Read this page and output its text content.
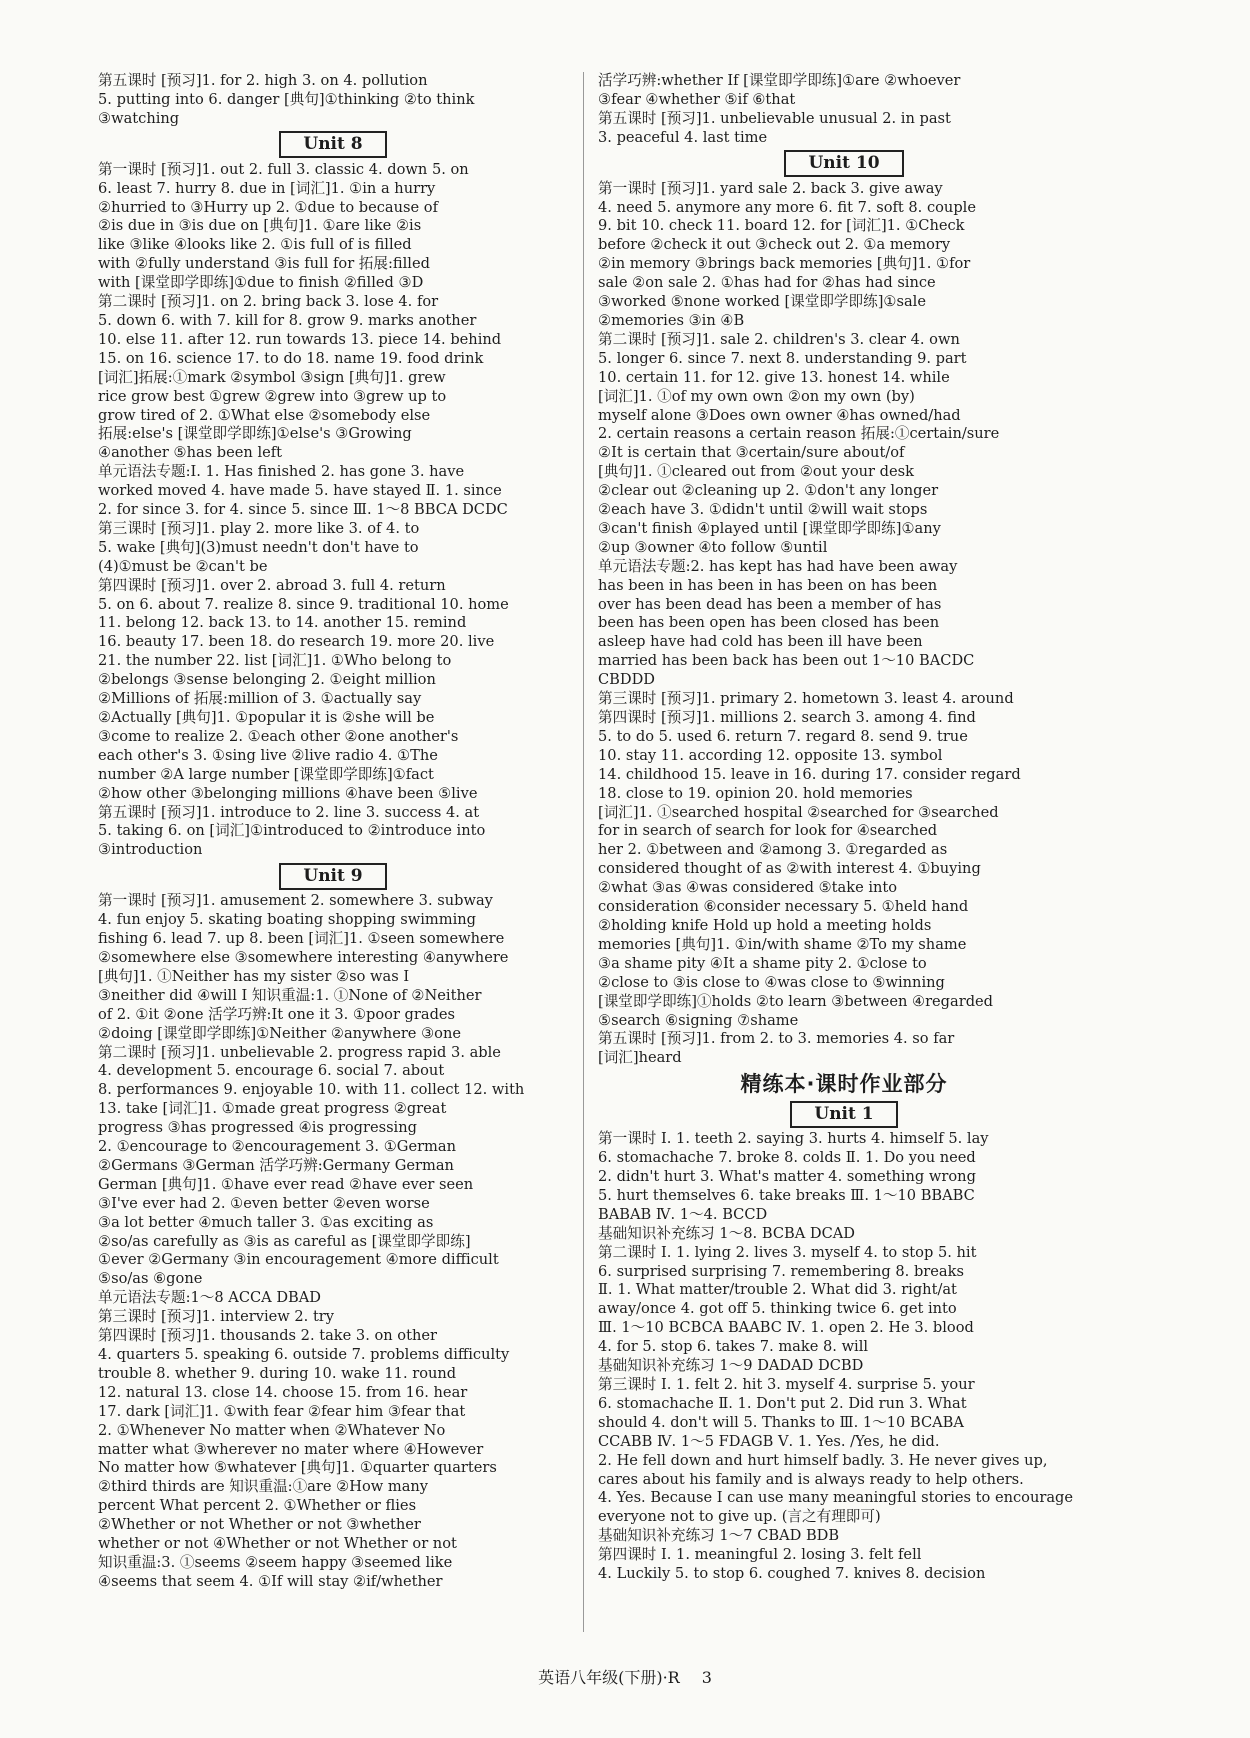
第五课时 [预习]1. for 2. high 3. on 4. pollution
5. putting into 6. danger [典句]①thinking ②to think
③watching
Unit 8
第一课时 [预习]1. out 2. full 3. classic 4. down 5. on
6. least 7. hurry 8. due in [词汇]1. ①in a hurry
②hurried to ③Hurry up 2. ①due to because of
②is due in ③is due on [典句]1. ①are like ②is
like ③like ④looks like 2. ①is full of is filled
with ②fully understand ③is full for 拓展:filled
with [课堂即学即练]①due to finish ②filled ③D
第二课时 [预习]1. on 2. bring back 3. lose 4. for
5. down 6. with 7. kill for 8. grow 9. marks another
10. else 11. after 12. run towards 13. piece 14. behind
15. on 16. science 17. to do 18. name 19. food drink
[词汇]拓展:①mark ②symbol ③sign [典句]1. grew
rice grow best ①grew ②grew into ③grew up to
grow tired of 2. ①What else ②somebody else
拓展:else's [课堂即学即练]①else's ③Growing
④another ⑤has been left
单元语法专题:Ⅰ. 1. Has finished 2. has gone 3. have
worked moved 4. have made 5. have stayed Ⅱ. 1. since
2. for since 3. for 4. since 5. since Ⅲ. 1～8 BBCA DCDC
第三课时 [预习]1. play 2. more like 3. of 4. to
5. wake [典句](3)must needn't don't have to
(4)①must be ②can't be
第四课时 [预习]1. over 2. abroad 3. full 4. return
5. on 6. about 7. realize 8. since 9. traditional 10. home
11. belong 12. back 13. to 14. another 15. remind
16. beauty 17. been 18. do research 19. more 20. live
21. the number 22. list [词汇]1. ①Who belong to
②belongs ③sense belonging 2. ①eight million
②Millions of 拓展:million of 3. ①actually say
②Actually [典句]1. ①popular it is ②she will be
③come to realize 2. ①each other ②one another's
each other's 3. ①sing live ②live radio 4. ①The
number ②A large number [课堂即学即练]①fact
②how other ③belonging millions ④have been ⑤live
第五课时 [预习]1. introduce to 2. line 3. success 4. at
5. taking 6. on [词汇]①introduced to ②introduce into
③introduction
Unit 9
第一课时 [预习]1. amusement 2. somewhere 3. subway
4. fun enjoy 5. skating boating shopping swimming
fishing 6. lead 7. up 8. been [词汇]1. ①seen somewhere
②somewhere else ③somewhere interesting ④anywhere
[典句]1. ①Neither has my sister ②so was I
③neither did ④will I 知识重温:1. ①None of ②Neither
of 2. ①it ②one 活学巧辨:It one it 3. ①poor grades
②doing [课堂即学即练]①Neither ②anywhere ③one
第二课时 [预习]1. unbelievable 2. progress rapid 3. able
4. development 5. encourage 6. social 7. about
8. performances 9. enjoyable 10. with 11. collect 12. with
13. take [词汇]1. ①made great progress ②great
progress ③has progressed ④is progressing
2. ①encourage to ②encouragement 3. ①German
②Germans ③German 活学巧辨:Germany German
German [典句]1. ①have ever read ②have ever seen
③I've ever had 2. ①even better ②even worse
③a lot better ④much taller 3. ①as exciting as
②so/as carefully as ③is as careful as [课堂即学即练]
①ever ②Germany ③in encouragement ④more difficult
⑤so/as ⑥gone
单元语法专题:1～8 ACCA DBAD
第三课时 [预习]1. interview 2. try
第四课时 [预习]1. thousands 2. take 3. on other
4. quarters 5. speaking 6. outside 7. problems difficulty
trouble 8. whether 9. during 10. wake 11. round
12. natural 13. close 14. choose 15. from 16. hear
17. dark [词汇]1. ①with fear ②fear him ③fear that
2. ①Whenever No matter when ②Whatever No
matter what ③wherever no mater where ④However
No matter how ⑤whatever [典句]1. ①quarter quarters
②third thirds are 知识重温:①are ②How many
percent What percent 2. ①Whether or flies
②Whether or not Whether or not ③whether
whether or not ④Whether or not Whether or not
知识重温:3. ①seems ②seem happy ③seemed like
④seems that seem 4. ①If will stay ②if/whether
活学巧辨:whether If [课堂即学即练]①are ②whoever
③fear ④whether ⑤if ⑥that
第五课时 [预习]1. unbelievable unusual 2. in past
3. peaceful 4. last time
Unit 10
第一课时 [预习]1. yard sale 2. back 3. give away
4. need 5. anymore any more 6. fit 7. soft 8. couple
9. bit 10. check 11. board 12. for [词汇]1. ①Check
before ②check it out ③check out 2. ①a memory
②in memory ③brings back memories [典句]1. ①for
sale ②on sale 2. ①has had for ②has had since
③worked ⑤none worked [课堂即学即练]①sale
②memories ③in ④B
第二课时 [预习]1. sale 2. children's 3. clear 4. own
5. longer 6. since 7. next 8. understanding 9. part
10. certain 11. for 12. give 13. honest 14. while
[词汇]1. ①of my own own ②on my own (by)
myself alone ③Does own owner ④has owned/had
2. certain reasons a certain reason 拓展:①certain/sure
②It is certain that ③certain/sure about/of
[典句]1. ①cleared out from ②out your desk
②clear out ②cleaning up 2. ①don't any longer
②each have 3. ①didn't until ②will wait stops
③can't finish ④played until [课堂即学即练]①any
②up ③owner ④to follow ⑤until
单元语法专题:2. has kept has had have been away
has been in has been in has been on has been
over has been dead has been a member of has
been has been open has been closed has been
asleep have had cold has been ill have been
married has been back has been out 1～10 BACDC
CBDDD
第三课时 [预习]1. primary 2. hometown 3. least 4. around
第四课时 [预习]1. millions 2. search 3. among 4. find
5. to do 5. used 6. return 7. regard 8. send 9. true
10. stay 11. according 12. opposite 13. symbol
14. childhood 15. leave in 16. during 17. consider regard
18. close to 19. opinion 20. hold memories
[词汇]1. ①searched hospital ②searched for ③searched
for in search of search for look for ④searched
her 2. ①between and ②among 3. ①regarded as
considered thought of as ②with interest 4. ①buying
②what ③as ④was considered ⑤take into
consideration ⑥consider necessary 5. ①held hand
②holding knife Hold up hold a meeting holds
memories [典句]1. ①in/with shame ②To my shame
③a shame pity ④It a shame pity 2. ①close to
②close to ③is close to ④was close to ⑤winning
[课堂即学即练]①holds ②to learn ③between ④regarded
⑤search ⑥signing ⑦shame
第五课时 [预习]1. from 2. to 3. memories 4. so far
[词汇]heard
精练本·课时作业部分
Unit 1
第一课时 Ⅰ. 1. teeth 2. saying 3. hurts 4. himself 5. lay
6. stomachache 7. broke 8. colds Ⅱ. 1. Do you need
2. didn't hurt 3. What's matter 4. something wrong
5. hurt themselves 6. take breaks Ⅲ. 1～10 BBABC
BABAB Ⅳ. 1～4. BCCD
基础知识补充练习 1～8. BCBA DCAD
第二课时 Ⅰ. 1. lying 2. lives 3. myself 4. to stop 5. hit
6. surprised surprising 7. remembering 8. breaks
Ⅱ. 1. What matter/trouble 2. What did 3. right/at
away/once 4. got off 5. thinking twice 6. get into
Ⅲ. 1～10 BCBCA BAABC Ⅳ. 1. open 2. He 3. blood
4. for 5. stop 6. takes 7. make 8. will
基础知识补充练习 1～9 DADAD DCBD
第三课时 Ⅰ. 1. felt 2. hit 3. myself 4. surprise 5. your
6. stomachache Ⅱ. 1. Don't put 2. Did run 3. What
should 4. don't will 5. Thanks to Ⅲ. 1～10 BCABA
CCABB Ⅳ. 1～5 FDAGB Ⅴ. 1. Yes. /Yes, he did.
2. He fell down and hurt himself badly. 3. He never gives up,
cares about his family and is always ready to help others.
4. Yes. Because I can use many meaningful stories to encourage
everyone not to give up. (言之有理即可)
基础知识补充练习 1～7 CBAD BDB
第四课时 Ⅰ. 1. meaningful 2. losing 3. felt fell
4. Luckily 5. to stop 6. coughed 7. knives 8. decision
英语八年级(下册)·R 3
